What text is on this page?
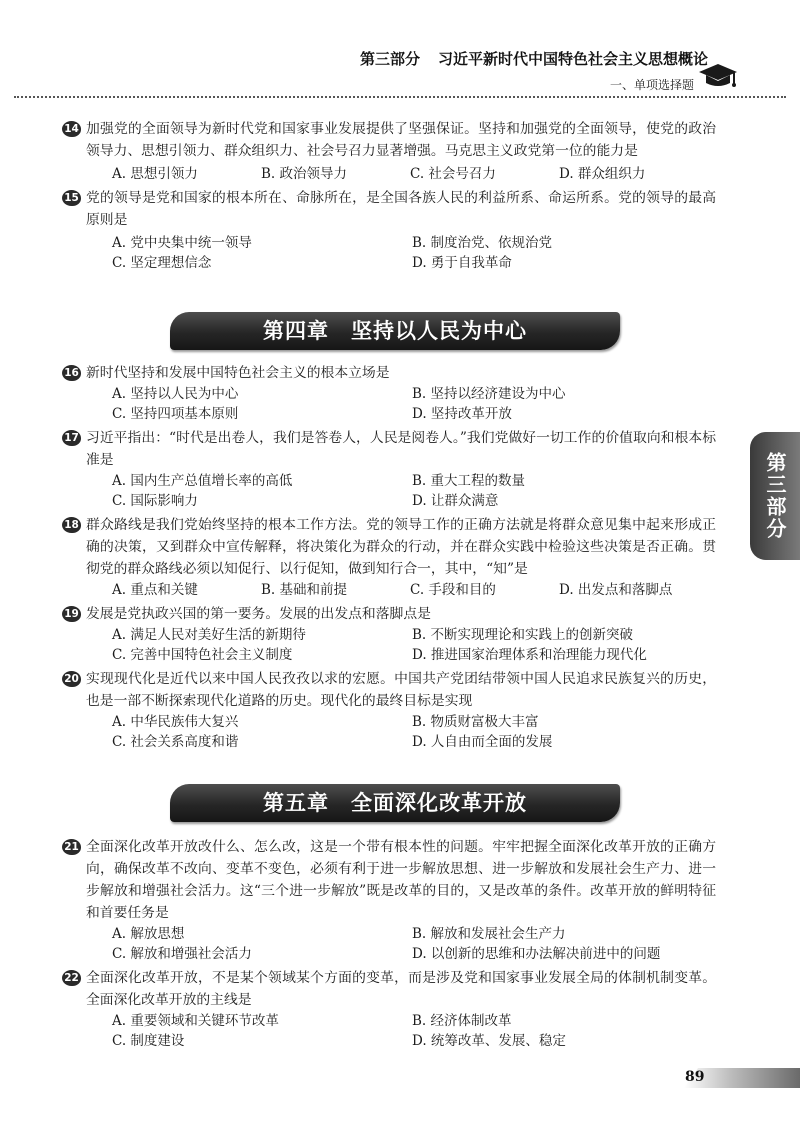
第三部分 习近平新时代中国特色社会主义思想概论
一、单项选择题
14 加强党的全面领导为新时代党和国家事业发展提供了坚强保证。坚持和加强党的全面领导，使党的政治领导力、思想引领力、群众组织力、社会号召力显著增强。马克思主义政党第一位的能力是
A. 思想引领力	B. 政治领导力	C. 社会号召力	D. 群众组织力
15 党的领导是党和国家的根本所在、命脉所在，是全国各族人民的利益所系、命运所系。党的领导的最高原则是
A. 党中央集中统一领导	B. 制度治党、依规治党
C. 坚定理想信念	D. 勇于自我革命
第四章 坚持以人民为中心
16 新时代坚持和发展中国特色社会主义的根本立场是
A. 坚持以人民为中心	B. 坚持以经济建设为中心
C. 坚持四项基本原则	D. 坚持改革开放
17 习近平指出：“时代是出卷人，我们是答卷人，人民是阅卷人。”我们党做好一切工作的价值取向和根本标准是
A. 国内生产总值增长率的高低	B. 重大工程的数量
C. 国际影响力	D. 让群众满意
18 群众路线是我们党始终坚持的根本工作方法。党的领导工作的正确方法就是将群众意见集中起来形成正确的决策，又到群众中宣传解释，将决策化为群众的行动，并在群众实践中检验这些决策是否正确。贯彻党的群众路线必须以知促行、以行促知，做到知行合一，其中，“知”是
A. 重点和关键	B. 基础和前提	C. 手段和目的	D. 出发点和落脚点
19 发展是党执政兴国的第一要务。发展的出发点和落脚点是
A. 满足人民对美好生活的新期待	B. 不断实现理论和实践上的创新突破
C. 完善中国特色社会主义制度	D. 推进国家治理体系和治理能力现代化
20 实现现代化是近代以来中国人民孜孜以求的宏愿。中国共产党团结带领中国人民追求民族复兴的历史，也是一部不断探索现代化道路的历史。现代化的最终目标是实现
A. 中华民族伟大复兴	B. 物质财富极大丰富
C. 社会关系高度和谐	D. 人自由而全面的发展
第五章 全面深化改革开放
21 全面深化改革开放改什么、怎么改，这是一个带有根本性的问题。牢牢把握全面深化改革开放的正确方向，确保改革不改向、变革不变色，必须有利于进一步解放思想、进一步解放和发展社会生产力、进一步解放和增强社会活力。这“三个进一步解放”既是改革的目的，又是改革的条件。改革开放的鲜明特征和首要任务是
A. 解放思想	B. 解放和发展社会生产力
C. 解放和增强社会活力	D. 以创新的思维和办法解决前进中的问题
22 全面深化改革开放，不是某个领域某个方面的变革，而是涉及党和国家事业发展全局的体制机制变革。全面深化改革开放的主线是
A. 重要领域和关键环节改革	B. 经济体制改革
C. 制度建设	D. 统筹改革、发展、稳定
第三部分
89
